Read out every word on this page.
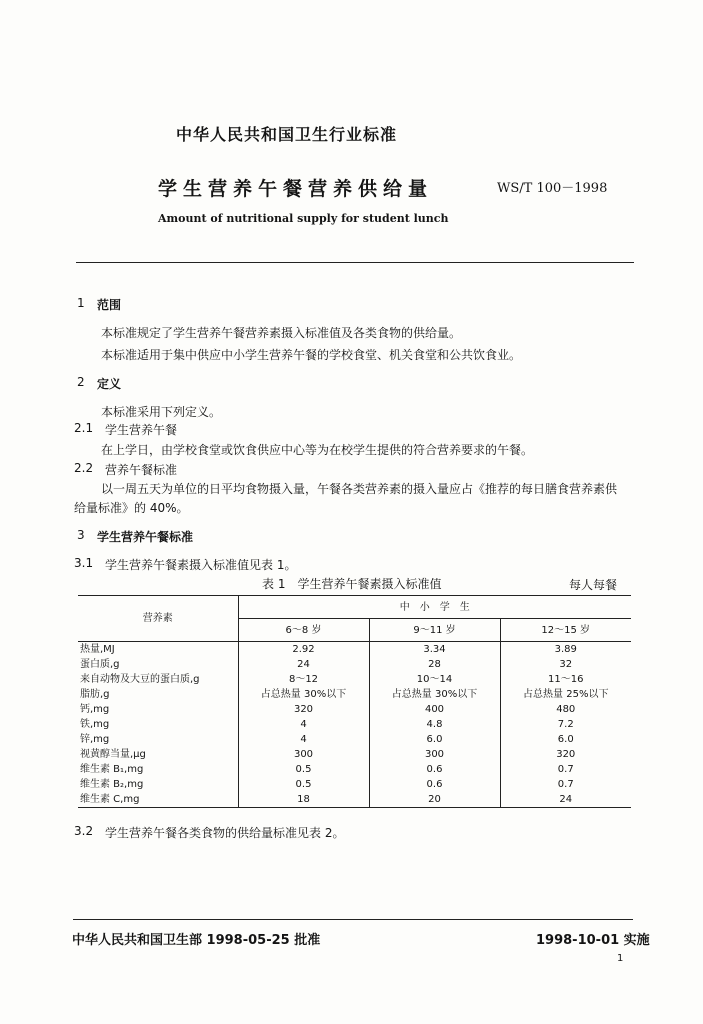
中华人民共和国卫生行业标准
学生营养午餐营养供给量	WS/T 100－1998
Amount of nutritional supply for student lunch
1 范围
本标准规定了学生营养午餐营养素摄入标准值及各类食物的供给量。
本标准适用于集中供应中小学生营养午餐的学校食堂、机关食堂和公共饮食业。
2 定义
本标准采用下列定义。
2.1 学生营养午餐
在上学日，由学校食堂或饮食供应中心等为在校学生提供的符合营养要求的午餐。
2.2 营养午餐标准
以一周五天为单位的日平均食物摄入量，午餐各类营养素的摄入量应占《推荐的每日膳食营养素供
给量标准》的 40%。
3 学生营养午餐标准
3.1 学生营养午餐素摄入标准值见表 1。
表 1　学生营养午餐素摄入标准值	每人每餐
营养素	中　小　学　生		
	6～8 岁	9～11 岁	12～15 岁
热量,MJ	2.92	3.34	3.89
蛋白质,g	24	28	32
来自动物及大豆的蛋白质,g	8～12	10～14	11～16
脂肪,g	占总热量 30%以下	占总热量 30%以下	占总热量 25%以下
钙,mg	320	400	480
铁,mg	4	4.8	7.2
锌,mg	4	6.0	6.0
视黄醇当量,μg	300	300	320
维生素 B₁,mg	0.5	0.6	0.7
维生素 B₂,mg	0.5	0.6	0.7
维生素 C,mg	18	20	24
3.2 学生营养午餐各类食物的供给量标准见表 2。
中华人民共和国卫生部 1998-05-25 批准	1998-10-01 实施
1
